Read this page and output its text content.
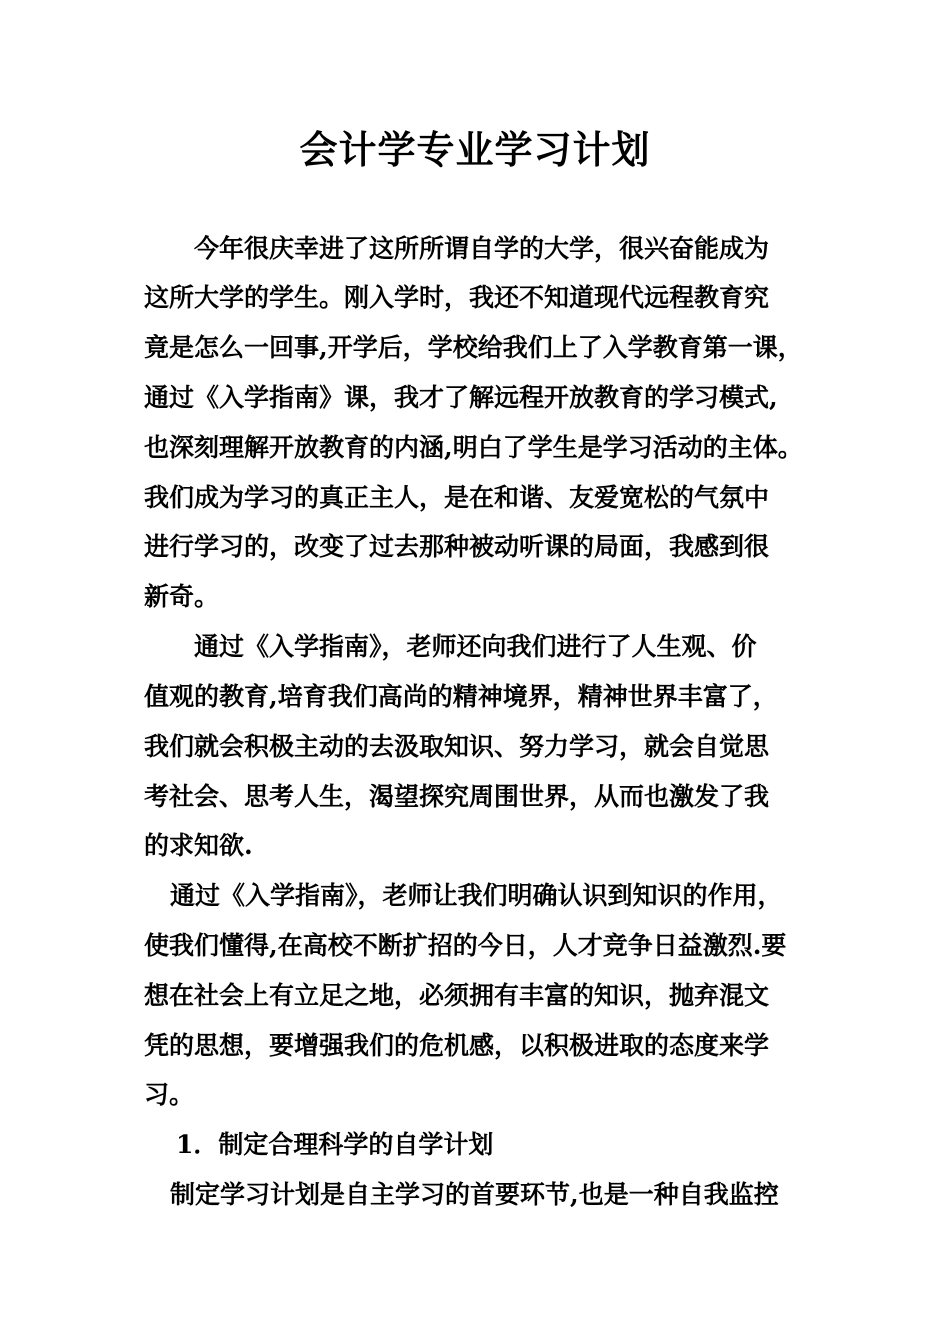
会计学专业学习计划
今年很庆幸进了这所所谓自学的大学，很兴奋能成为
这所大学的学生。刚入学时，我还不知道现代远程教育究
竟是怎么一回事,开学后，学校给我们上了入学教育第一课，
通过《入学指南》课，我才了解远程开放教育的学习模式,
也深刻理解开放教育的内涵,明白了学生是学习活动的主体。
我们成为学习的真正主人，是在和谐、友爱宽松的气氛中
进行学习的，改变了过去那种被动听课的局面，我感到很
新奇。
通过《入学指南》，老师还向我们进行了人生观、价
值观的教育,培育我们高尚的精神境界，精神世界丰富了，
我们就会积极主动的去汲取知识、努力学习，就会自觉思
考社会、思考人生，渴望探究周围世界，从而也激发了我
的求知欲.
通过《入学指南》，老师让我们明确认识到知识的作用，
使我们懂得,在高校不断扩招的今日，人才竞争日益激烈.要
想在社会上有立足之地，必须拥有丰富的知识，抛弃混文
凭的思想，要增强我们的危机感，以积极进取的态度来学
习。
1．制定合理科学的自学计划
制定学习计划是自主学习的首要环节,也是一种自我监控
